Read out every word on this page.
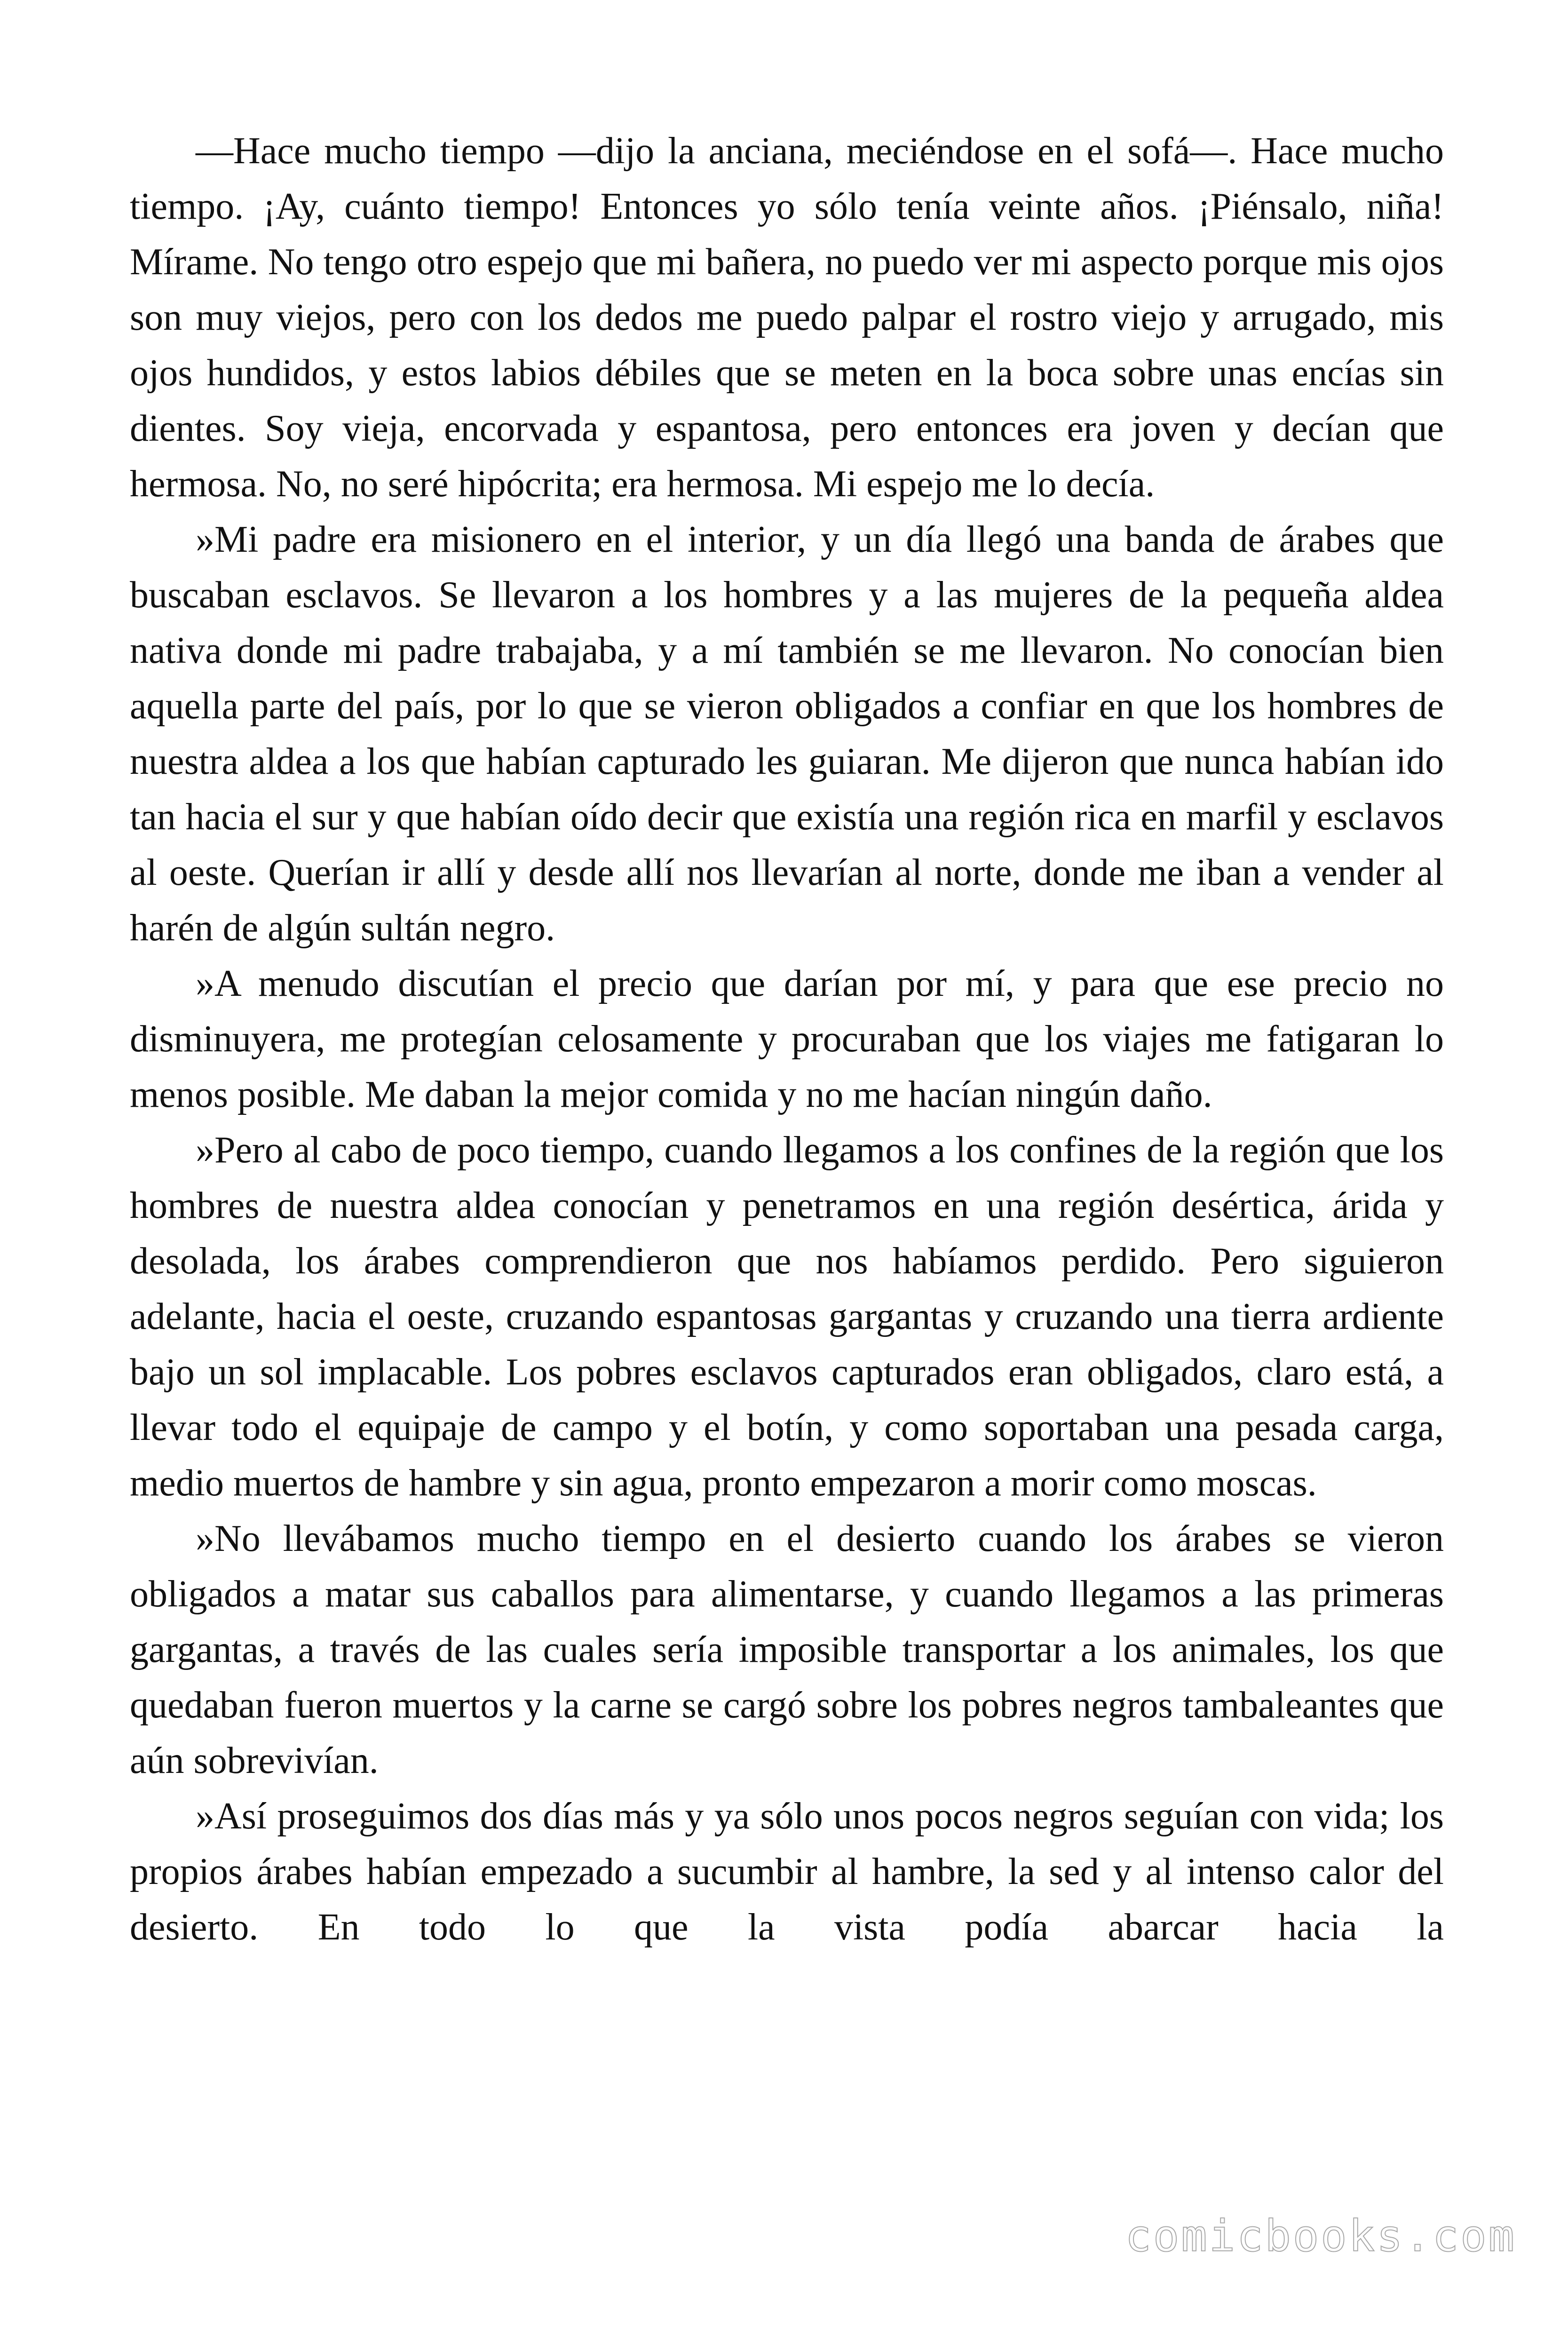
—Hace mucho tiempo —dijo la anciana, meciéndose en el sofá—. Hace mucho tiempo. ¡Ay, cuánto tiempo! Entonces yo sólo tenía veinte años. ¡Piénsalo, niña! Mírame. No tengo otro espejo que mi bañera, no puedo ver mi aspecto porque mis ojos son muy viejos, pero con los dedos me puedo palpar el rostro viejo y arrugado, mis ojos hundidos, y estos labios débiles que se meten en la boca sobre unas encías sin dientes. Soy vieja, encorvada y espantosa, pero entonces era joven y decían que hermosa. No, no seré hipócrita; era hermosa. Mi espejo me lo decía.

»Mi padre era misionero en el interior, y un día llegó una banda de árabes que buscaban esclavos. Se llevaron a los hombres y a las mujeres de la pequeña aldea nativa donde mi padre trabajaba, y a mí también se me llevaron. No conocían bien aquella parte del país, por lo que se vieron obligados a confiar en que los hombres de nuestra aldea a los que habían capturado les guiaran. Me dijeron que nunca habían ido tan hacia el sur y que habían oído decir que existía una región rica en marfil y esclavos al oeste. Querían ir allí y desde allí nos llevarían al norte, donde me iban a vender al harén de algún sultán negro.

»A menudo discutían el precio que darían por mí, y para que ese precio no disminuyera, me protegían celosamente y procuraban que los viajes me fatigaran lo menos posible. Me daban la mejor comida y no me hacían ningún daño.

»Pero al cabo de poco tiempo, cuando llegamos a los confines de la región que los hombres de nuestra aldea conocían y penetramos en una región desértica, árida y desolada, los árabes comprendieron que nos habíamos perdido. Pero siguieron adelante, hacia el oeste, cruzando espantosas gargantas y cruzando una tierra ardiente bajo un sol implacable. Los pobres esclavos capturados eran obligados, claro está, a llevar todo el equipaje de campo y el botín, y como soportaban una pesada carga, medio muertos de hambre y sin agua, pronto empezaron a morir como moscas.

»No llevábamos mucho tiempo en el desierto cuando los árabes se vieron obligados a matar sus caballos para alimentarse, y cuando llegamos a las primeras gargantas, a través de las cuales sería imposible transportar a los animales, los que quedaban fueron muertos y la carne se cargó sobre los pobres negros tambaleantes que aún sobrevivían.

»Así proseguimos dos días más y ya sólo unos pocos negros seguían con vida; los propios árabes habían empezado a sucumbir al hambre, la sed y al intenso calor del desierto. En todo lo que la vista podía abarcar hacia la

comicbooks.com
